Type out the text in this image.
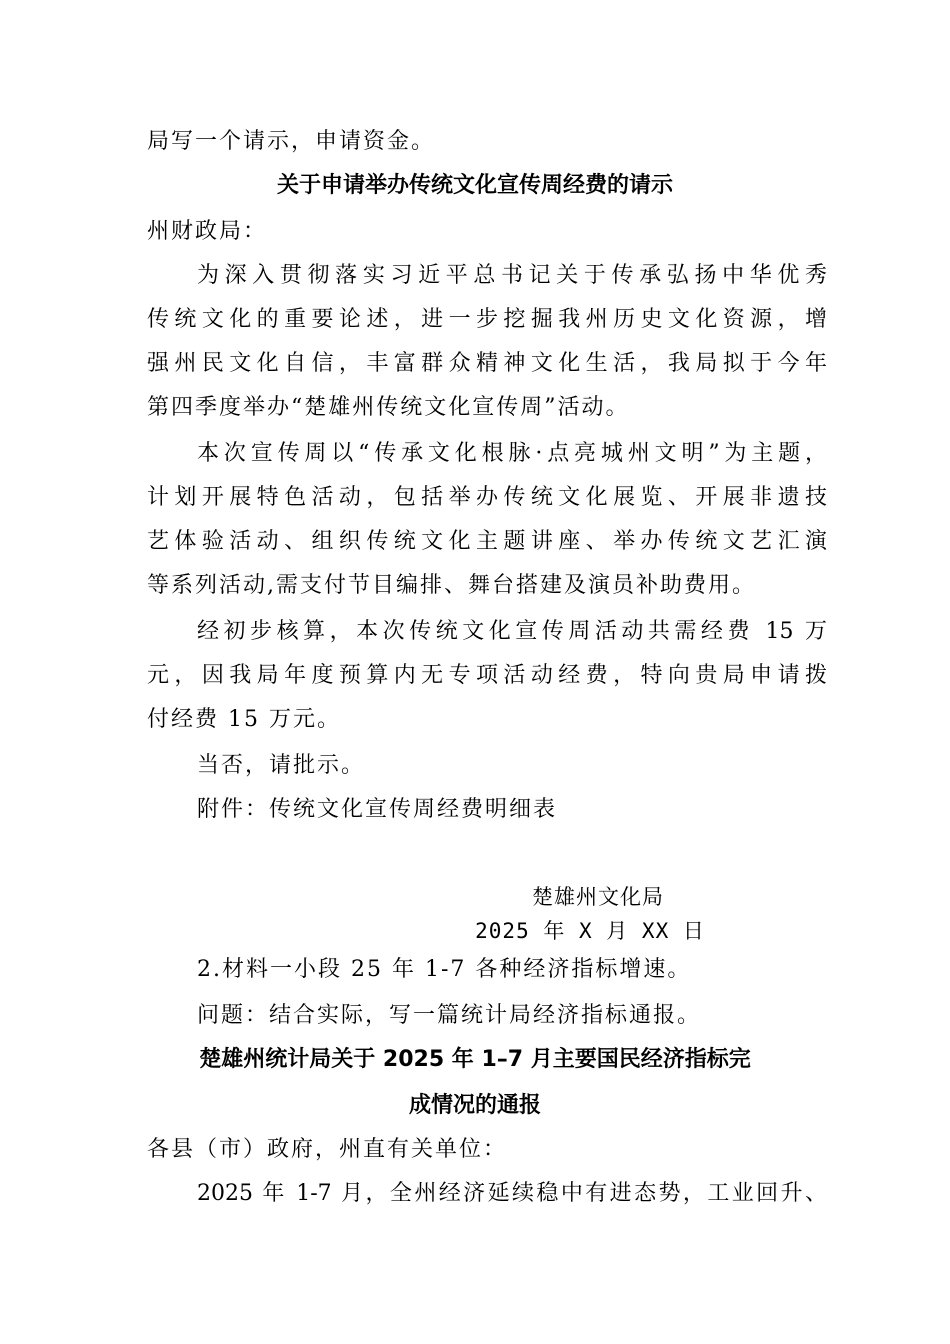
局写一个请示，申请资金。
关于申请举办传统文化宣传周经费的请示
州财政局：
为深入贯彻落实习近平总书记关于传承弘扬中华优秀
传统文化的重要论述，进一步挖掘我州历史文化资源，增
强州民文化自信，丰富群众精神文化生活，我局拟于今年
第四季度举办“楚雄州传统文化宣传周”活动。
本次宣传周以“传承文化根脉·点亮城州文明”为主题，
计划开展特色活动，包括举办传统文化展览、开展非遗技
艺体验活动、组织传统文化主题讲座、举办传统文艺汇演
等系列活动,需支付节目编排、舞台搭建及演员补助费用。
经初步核算，本次传统文化宣传周活动共需经费 15 万
元，因我局年度预算内无专项活动经费，特向贵局申请拨
付经费 15 万元。
当否，请批示。
附件：传统文化宣传周经费明细表
楚雄州文化局
2025 年 X 月 XX 日
2.材料一小段 25 年 1-7 各种经济指标增速。
问题：结合实际，写一篇统计局经济指标通报。
楚雄州统计局关于 2025 年 1–7 月主要国民经济指标完
成情况的通报
各县（市）政府，州直有关单位：
2025 年 1-7 月，全州经济延续稳中有进态势，工业回升、
